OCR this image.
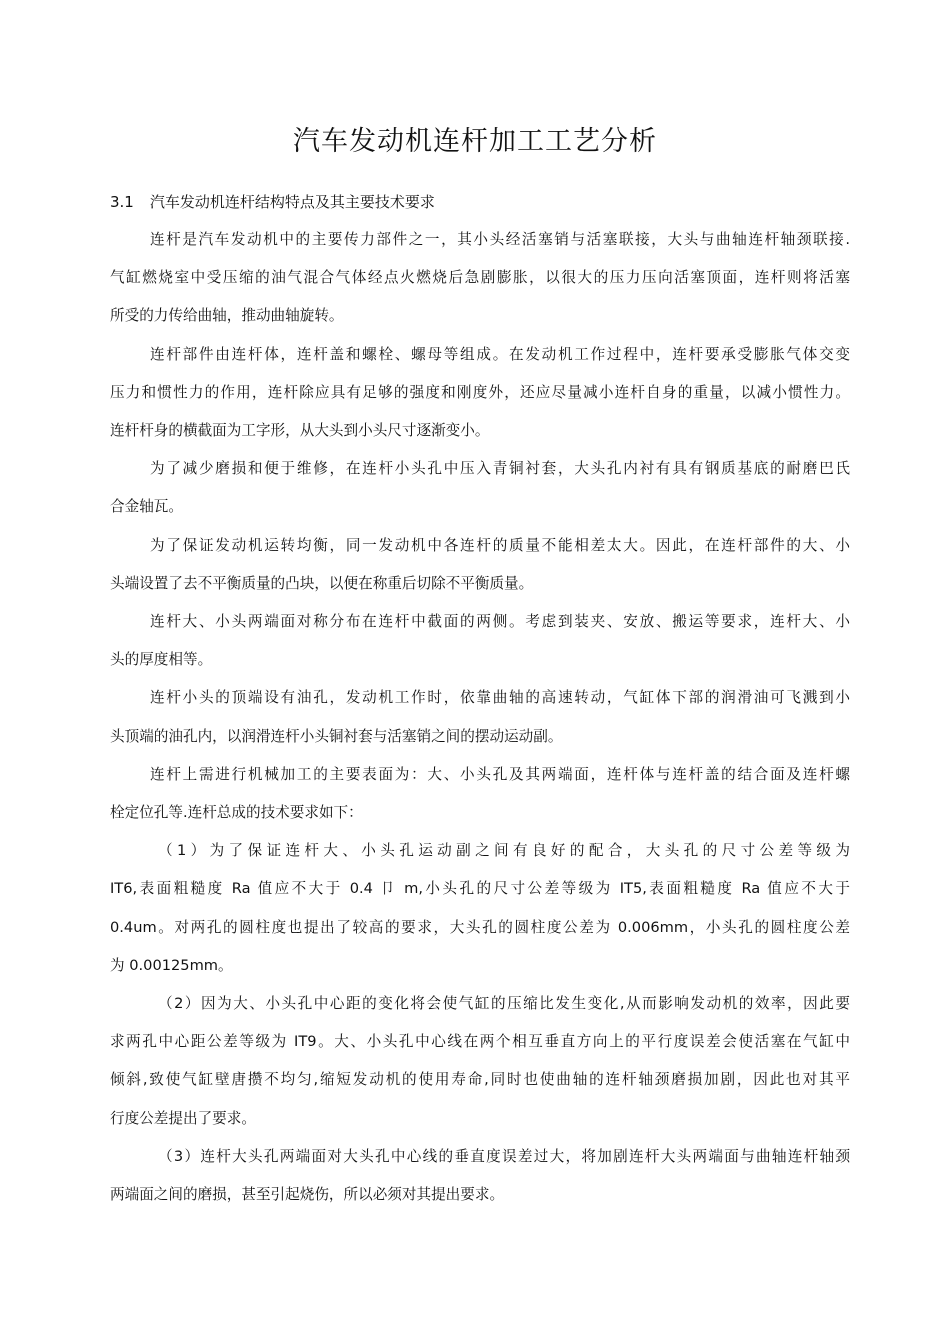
汽车发动机连杆加工工艺分析
3.1 汽车发动机连杆结构特点及其主要技术要求
连杆是汽车发动机中的主要传力部件之一，其小头经活塞销与活塞联接，大头与曲轴连杆轴颈联接.
气缸燃烧室中受压缩的油气混合气体经点火燃烧后急剧膨胀，以很大的压力压向活塞顶面，连杆则将活塞
所受的力传给曲轴，推动曲轴旋转。
连杆部件由连杆体，连杆盖和螺栓、螺母等组成。在发动机工作过程中，连杆要承受膨胀气体交变
压力和惯性力的作用，连杆除应具有足够的强度和刚度外，还应尽量减小连杆自身的重量，以减小惯性力。
连杆杆身的横截面为工字形，从大头到小头尺寸逐渐变小。
为了减少磨损和便于维修，在连杆小头孔中压入青铜衬套，大头孔内衬有具有钢质基底的耐磨巴氏
合金轴瓦。
为了保证发动机运转均衡，同一发动机中各连杆的质量不能相差太大。因此，在连杆部件的大、小
头端设置了去不平衡质量的凸块，以便在称重后切除不平衡质量。
连杆大、小头两端面对称分布在连杆中截面的两侧。考虑到装夹、安放、搬运等要求，连杆大、小
头的厚度相等。
连杆小头的顶端设有油孔，发动机工作时，依靠曲轴的高速转动，气缸体下部的润滑油可飞溅到小
头顶端的油孔内，以润滑连杆小头铜衬套与活塞销之间的摆动运动副。
连杆上需进行机械加工的主要表面为：大、小头孔及其两端面，连杆体与连杆盖的结合面及连杆螺
栓定位孔等.连杆总成的技术要求如下：
（1）为了保证连杆大、小头孔运动副之间有良好的配合，大头孔的尺寸公差等级为
IT6,表面粗糙度 Ra 值应不大于 0.4 卩 m,小头孔的尺寸公差等级为 IT5,表面粗糙度 Ra 值应不大于
0.4um。对两孔的圆柱度也提出了较高的要求，大头孔的圆柱度公差为 0.006mm，小头孔的圆柱度公差
为 0.00125mm。
（2）因为大、小头孔中心距的变化将会使气缸的压缩比发生变化,从而影响发动机的效率，因此要
求两孔中心距公差等级为 IT9。大、小头孔中心线在两个相互垂直方向上的平行度误差会使活塞在气缸中
倾斜,致使气缸壁唐攒不均匀,缩短发动机的使用寿命,同时也使曲轴的连杆轴颈磨损加剧，因此也对其平
行度公差提出了要求。
（3）连杆大头孔两端面对大头孔中心线的垂直度误差过大，将加剧连杆大头两端面与曲轴连杆轴颈
两端面之间的磨损，甚至引起烧伤，所以必须对其提出要求。
